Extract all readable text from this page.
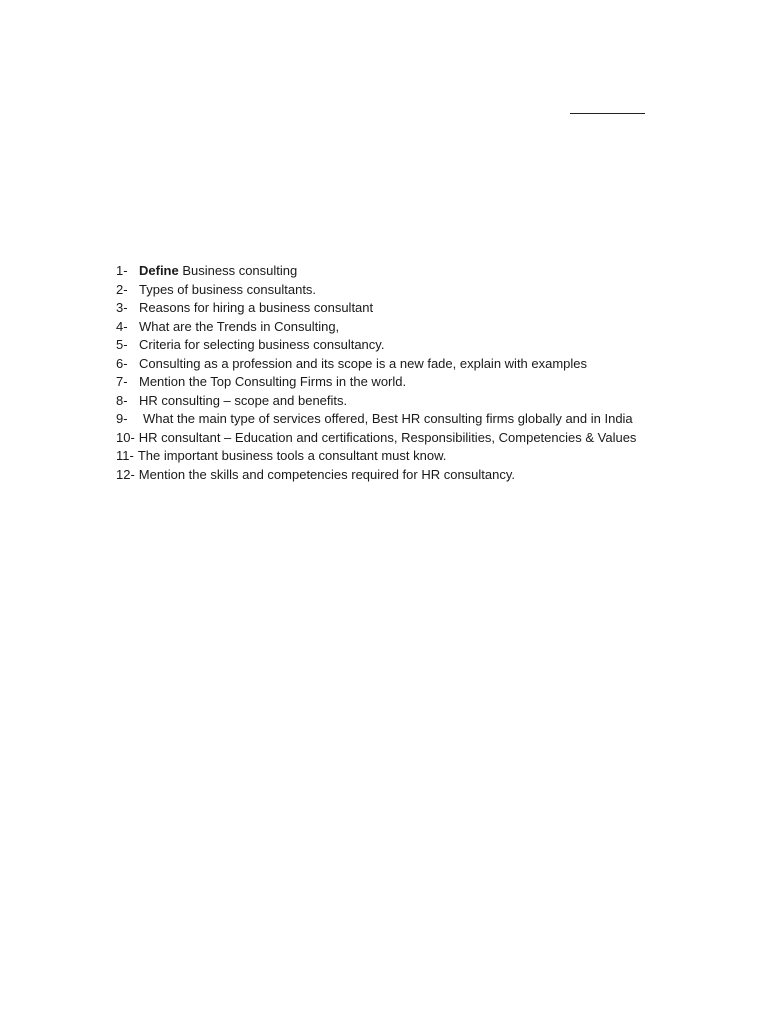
1- Define Business consulting
2- Types of business consultants.
3- Reasons for hiring a business consultant
4- What are the Trends in Consulting,
5- Criteria for selecting business consultancy.
6- Consulting as a profession and its scope is a new fade, explain with examples
7- Mention the Top Consulting Firms in the world.
8- HR consulting – scope and benefits.
9- What the main type of services offered, Best HR consulting firms globally and in India
10- HR consultant – Education and certifications, Responsibilities, Competencies & Values
11- The important business tools a consultant must know.
12- Mention the skills and competencies required for HR consultancy.
